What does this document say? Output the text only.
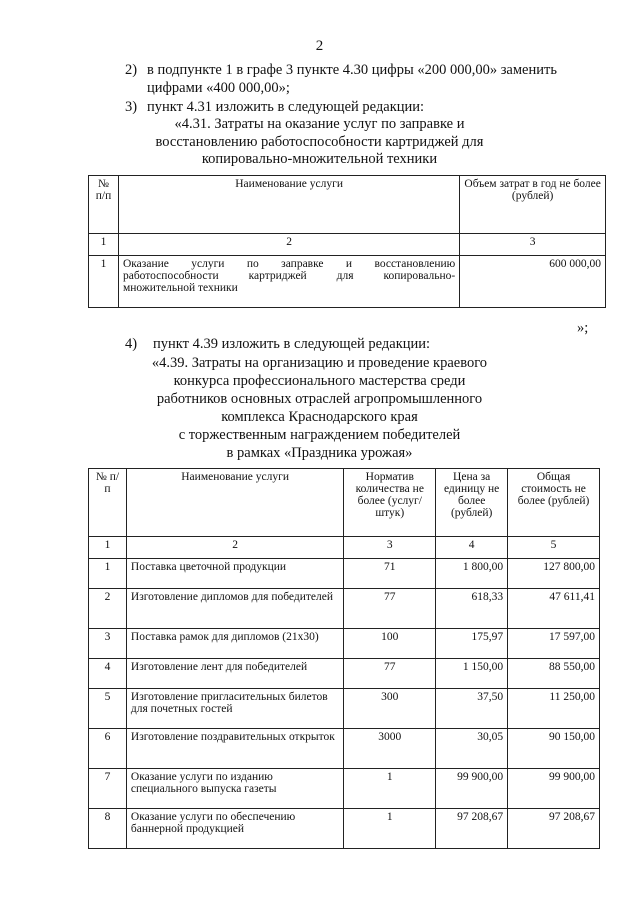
2
2) в подпункте 1 в графе 3 пункте 4.30 цифры «200 000,00» заменить
цифрами «400 000,00»;
3) пункт 4.31 изложить в следующей редакции:
«4.31. Затраты на оказание услуг по заправке и
восстановлению работоспособности картриджей для
копировально-множительной техники
№ п/п	Наименование услуги	Объем затрат в год не более (рублей)
1	2	3
1	Оказание услуги по заправке и восстановлению
работоспособности картриджей для копировально-
множительной техники	600 000,00
»;
4) пункт 4.39 изложить в следующей редакции:
«4.39. Затраты на организацию и проведение краевого
конкурса профессионального мастерства среди
работников основных отраслей агропромышленного
комплекса Краснодарского края
с торжественным награждением победителей
в рамках «Праздника урожая»
№ п/п	Наименование услуги	Норматив количества не более (услуг/штук)	Цена за единицу не более (рублей)	Общая стоимость не более (рублей)
1	2	3	4	5
1	Поставка цветочной продукции	71	1 800,00	127 800,00
2	Изготовление дипломов для победителей	77	618,33	47 611,41
3	Поставка рамок для дипломов (21х30)	100	175,97	17 597,00
4	Изготовление лент для победителей	77	1 150,00	88 550,00
5	Изготовление пригласительных билетов для почетных гостей	300	37,50	11 250,00
6	Изготовление поздравительных открыток	3000	30,05	90 150,00
7	Оказание услуги по изданию специального выпуска газеты	1	99 900,00	99 900,00
8	Оказание услуги по обеспечению баннерной продукцией	1	97 208,67	97 208,67
